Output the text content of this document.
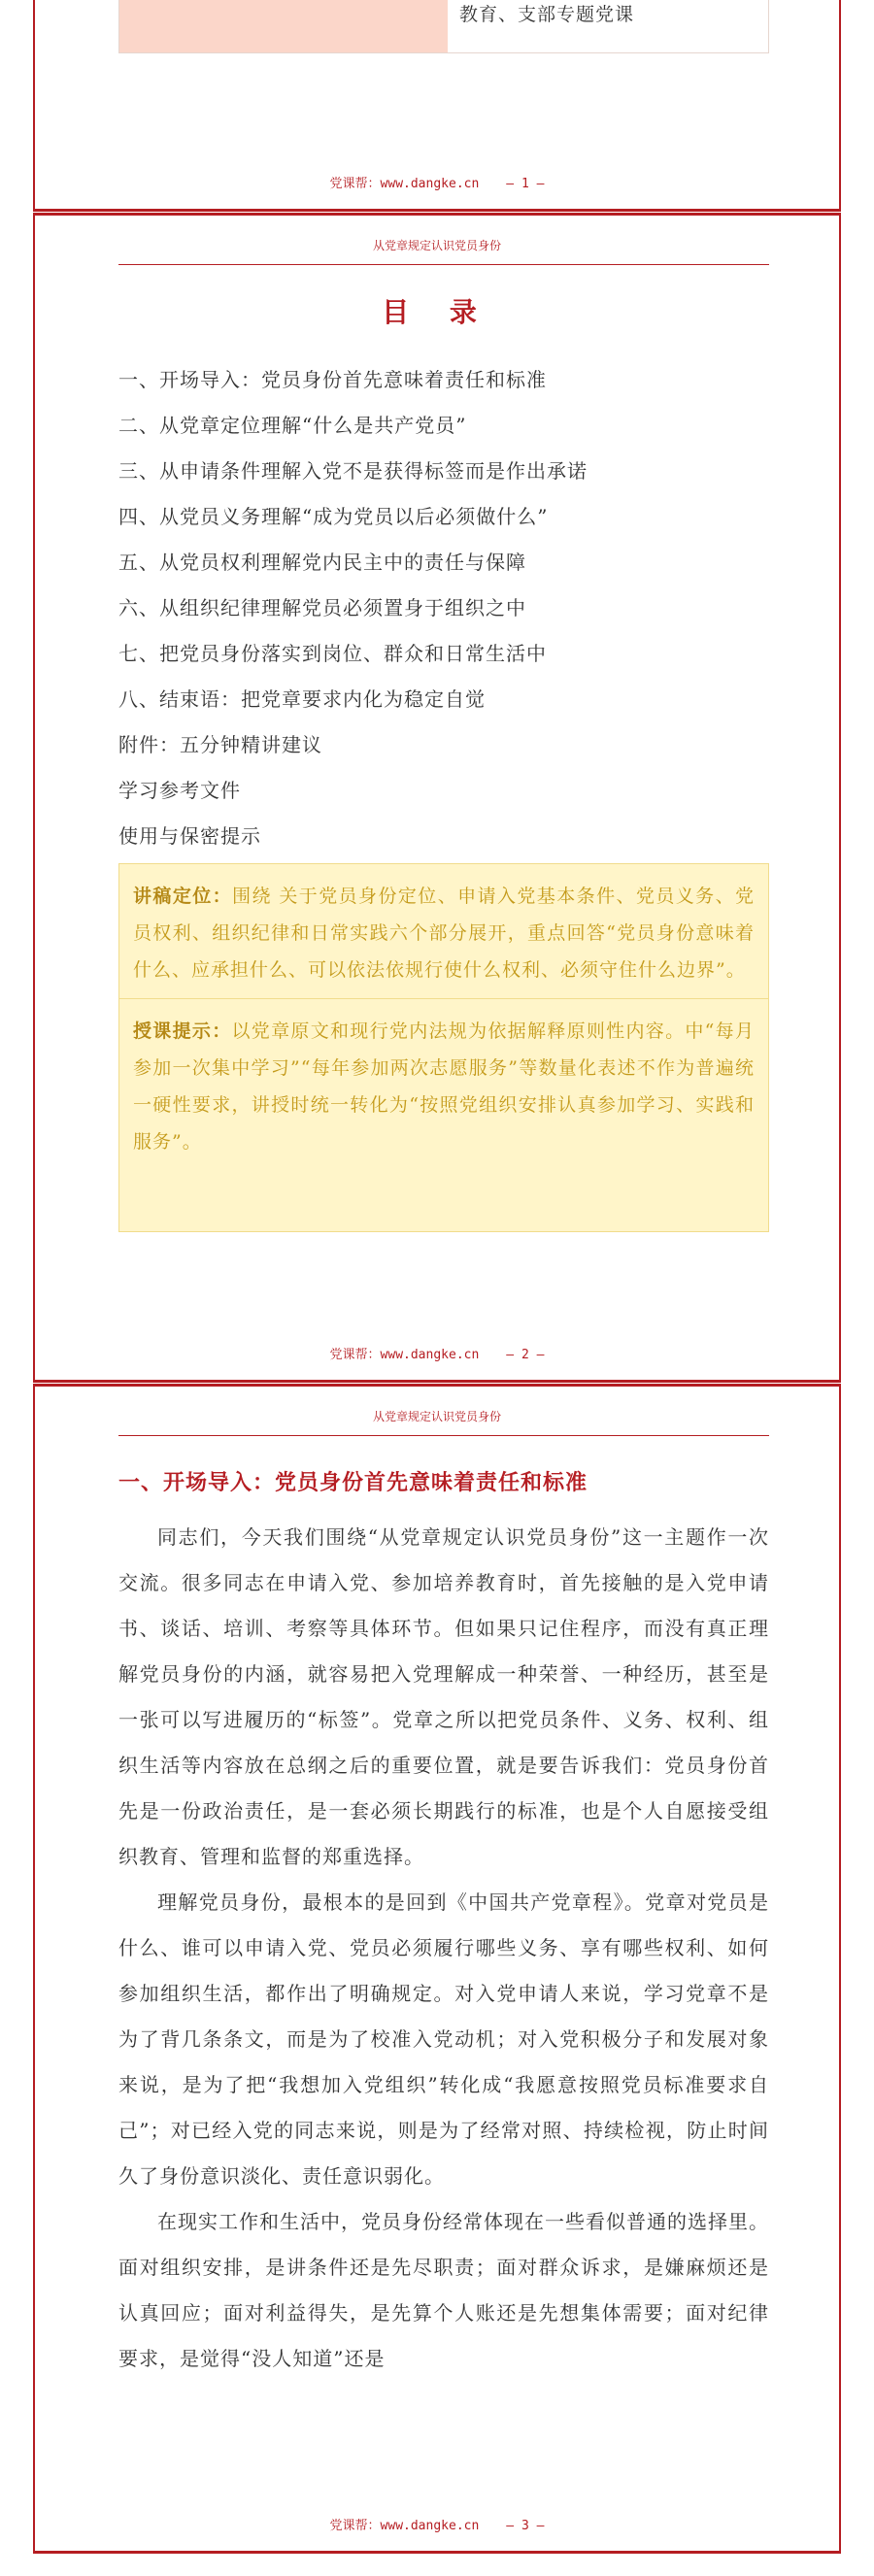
教育、支部专题党课
党课帮：www.dangke.cn — 1 —
从党章规定认识党员身份
目 录
一、开场导入：党员身份首先意味着责任和标准
二、从党章定位理解“什么是共产党员”
三、从申请条件理解入党不是获得标签而是作出承诺
四、从党员义务理解“成为党员以后必须做什么”
五、从党员权利理解党内民主中的责任与保障
六、从组织纪律理解党员必须置身于组织之中
七、把党员身份落实到岗位、群众和日常生活中
八、结束语：把党章要求内化为稳定自觉
附件：五分钟精讲建议
学习参考文件
使用与保密提示
讲稿定位：围绕 关于党员身份定位、申请入党基本条件、党员义务、党员权利、组织纪律和日常实践六个部分展开，重点回答“党员身份意味着什么、应承担什么、可以依法依规行使什么权利、必须守住什么边界”。
授课提示：以党章原文和现行党内法规为依据解释原则性内容。中“每月参加一次集中学习”“每年参加两次志愿服务”等数量化表述不作为普遍统一硬性要求，讲授时统一转化为“按照党组织安排认真参加学习、实践和服务”。
党课帮：www.dangke.cn — 2 —
从党章规定认识党员身份
一、开场导入：党员身份首先意味着责任和标准

同志们，今天我们围绕“从党章规定认识党员身份”这一主题作一次交流。很多同志在申请入党、参加培养教育时，首先接触的是入党申请书、谈话、培训、考察等具体环节。但如果只记住程序，而没有真正理解党员身份的内涵，就容易把入党理解成一种荣誉、一种经历，甚至是一张可以写进履历的“标签”。党章之所以把党员条件、义务、权利、组织生活等内容放在总纲之后的重要位置，就是要告诉我们：党员身份首先是一份政治责任，是一套必须长期践行的标准，也是个人自愿接受组织教育、管理和监督的郑重选择。

理解党员身份，最根本的是回到《中国共产党章程》。党章对党员是什么、谁可以申请入党、党员必须履行哪些义务、享有哪些权利、如何参加组织生活，都作出了明确规定。对入党申请人来说，学习党章不是为了背几条条文，而是为了校准入党动机；对入党积极分子和发展对象来说，是为了把“我想加入党组织”转化成“我愿意按照党员标准要求自己”；对已经入党的同志来说，则是为了经常对照、持续检视，防止时间久了身份意识淡化、责任意识弱化。

在现实工作和生活中，党员身份经常体现在一些看似普通的选择里。面对组织安排，是讲条件还是先尽职责；面对群众诉求，是嫌麻烦还是认真回应；面对利益得失，是先算个人账还是先想集体需要；面对纪律要求，是觉得“没人知道”还是

党课帮：www.dangke.cn — 3 —
